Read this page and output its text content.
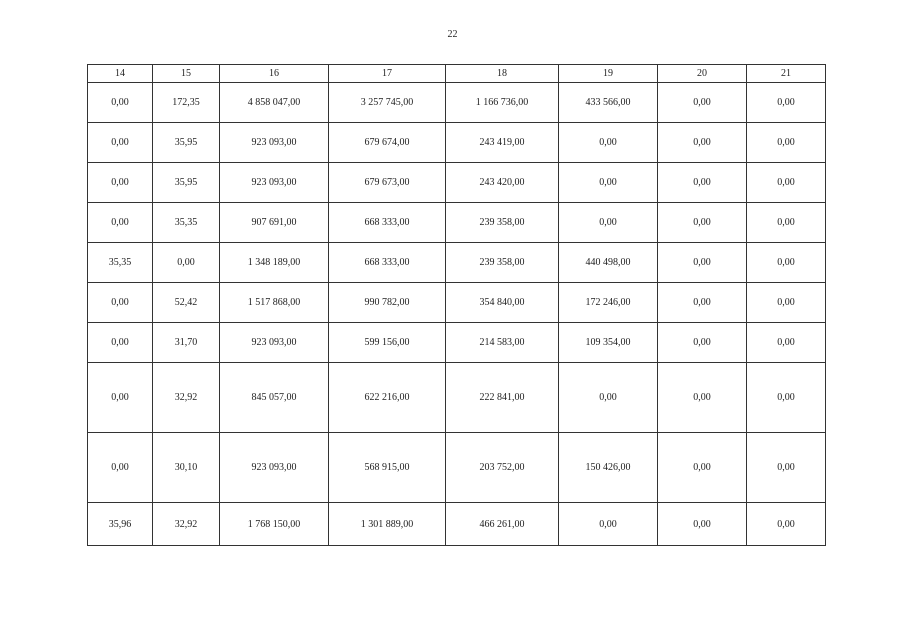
22
14	15	16	17	18	19	20	21
0,00	172,35	4 858 047,00	3 257 745,00	1 166 736,00	433 566,00	0,00	0,00
0,00	35,95	923 093,00	679 674,00	243 419,00	0,00	0,00	0,00
0,00	35,95	923 093,00	679 673,00	243 420,00	0,00	0,00	0,00
0,00	35,35	907 691,00	668 333,00	239 358,00	0,00	0,00	0,00
35,35	0,00	1 348 189,00	668 333,00	239 358,00	440 498,00	0,00	0,00
0,00	52,42	1 517 868,00	990 782,00	354 840,00	172 246,00	0,00	0,00
0,00	31,70	923 093,00	599 156,00	214 583,00	109 354,00	0,00	0,00
0,00	32,92	845 057,00	622 216,00	222 841,00	0,00	0,00	0,00
0,00	30,10	923 093,00	568 915,00	203 752,00	150 426,00	0,00	0,00
35,96	32,92	1 768 150,00	1 301 889,00	466 261,00	0,00	0,00	0,00
